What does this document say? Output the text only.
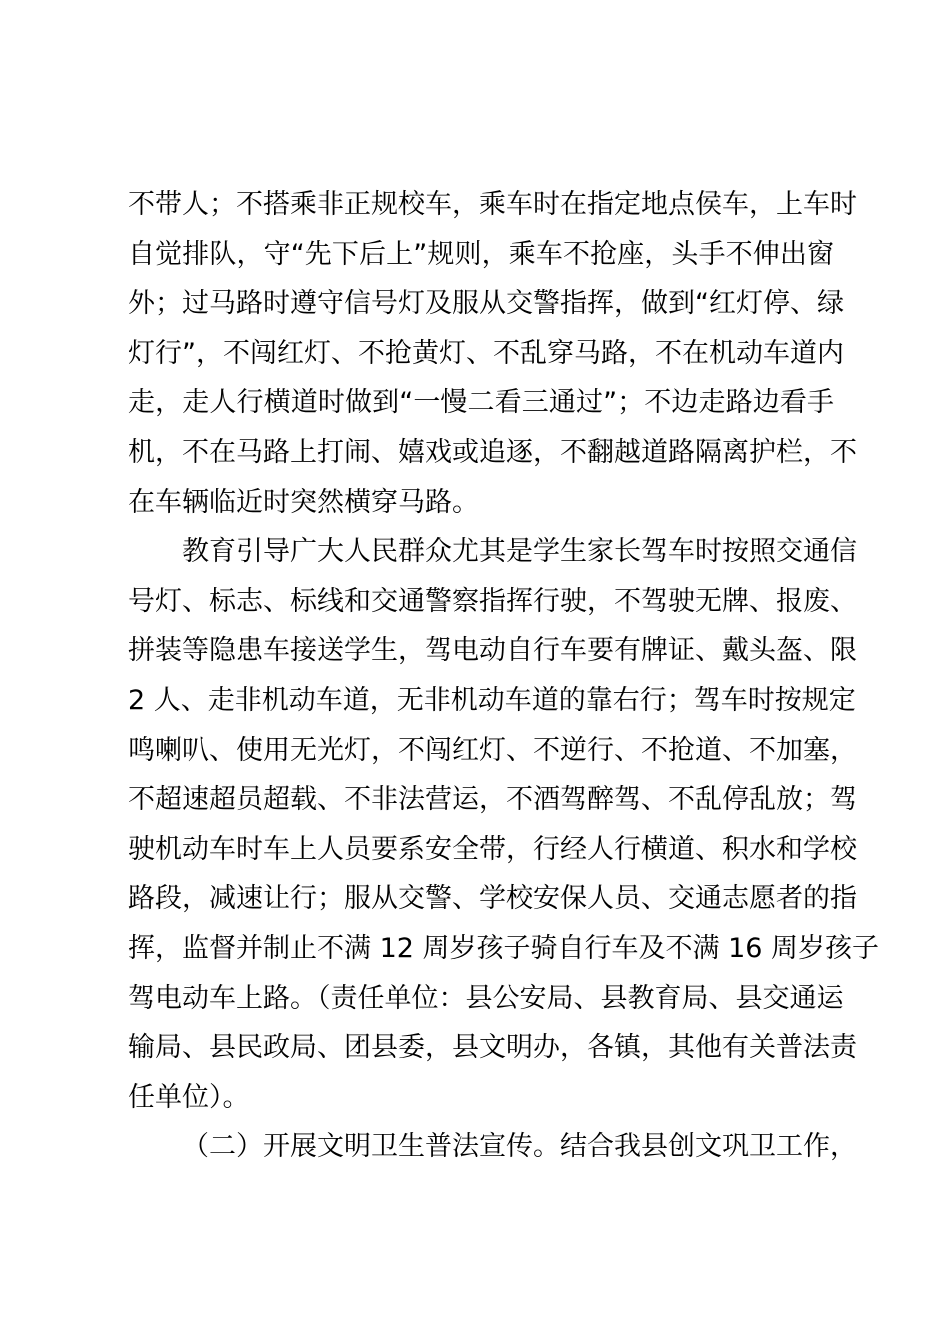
不带人；不搭乘非正规校车，乘车时在指定地点侯车，上车时
自觉排队，守“先下后上”规则，乘车不抢座，头手不伸出窗
外；过马路时遵守信号灯及服从交警指挥，做到“红灯停、绿
灯行”，不闯红灯、不抢黄灯、不乱穿马路，不在机动车道内
走，走人行横道时做到“一慢二看三通过”；不边走路边看手
机，不在马路上打闹、嬉戏或追逐，不翻越道路隔离护栏，不
在车辆临近时突然横穿马路。
教育引导广大人民群众尤其是学生家长驾车时按照交通信
号灯、标志、标线和交通警察指挥行驶，不驾驶无牌、报废、
拼装等隐患车接送学生，驾电动自行车要有牌证、戴头盔、限
2 人、走非机动车道，无非机动车道的靠右行；驾车时按规定
鸣喇叭、使用无光灯，不闯红灯、不逆行、不抢道、不加塞，
不超速超员超载、不非法营运，不酒驾醉驾、不乱停乱放；驾
驶机动车时车上人员要系安全带，行经人行横道、积水和学校
路段，减速让行；服从交警、学校安保人员、交通志愿者的指
挥，监督并制止不满 12 周岁孩子骑自行车及不满 16 周岁孩子
驾电动车上路。（责任单位：县公安局、县教育局、县交通运
输局、县民政局、团县委，县文明办，各镇，其他有关普法责
任单位）。
（二）开展文明卫生普法宣传。结合我县创文巩卫工作，
